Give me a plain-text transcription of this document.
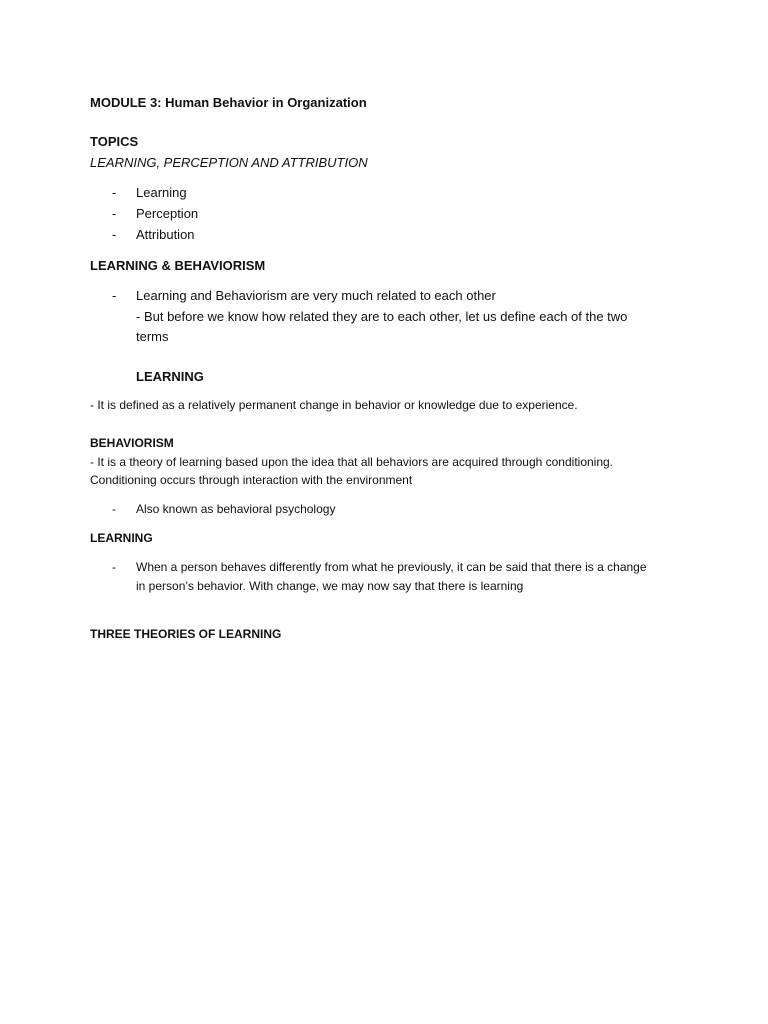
MODULE 3: Human Behavior in Organization
TOPICS
LEARNING, PERCEPTION AND ATTRIBUTION
- Learning
- Perception
- Attribution
LEARNING & BEHAVIORISM
- Learning and Behaviorism are very much related to each other
- But before we know how related they are to each other, let us define each of the two
terms
LEARNING
- It is defined as a relatively permanent change in behavior or knowledge due to experience.
BEHAVIORISM
- It is a theory of learning based upon the idea that all behaviors are acquired through conditioning.
Conditioning occurs through interaction with the environment
- Also known as behavioral psychology
LEARNING
- When a person behaves differently from what he previously, it can be said that there is a change
in person’s behavior. With change, we may now say that there is learning
THREE THEORIES OF LEARNING
